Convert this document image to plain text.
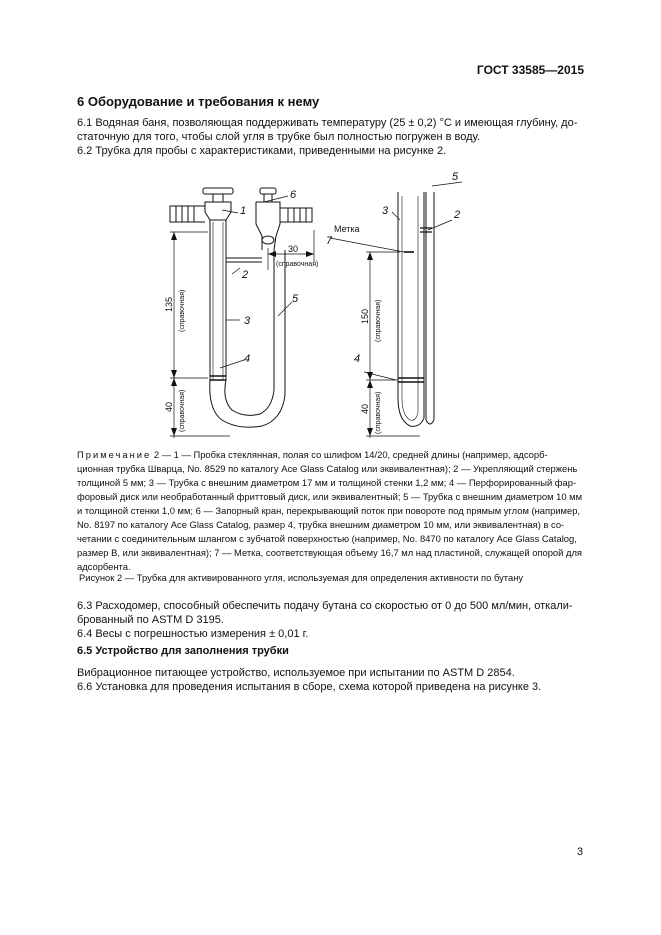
ГОСТ 33585—2015
6 Оборудование и требования к нему
6.1 Водяная баня, позволяющая поддерживать температуру (25 ± 0,2) °С и имеющая глубину, до-
статочную для того, чтобы слой угля в трубке был полностью погружен в воду.
6.2 Трубка для пробы с характеристиками, приведенными на рисунке 2.
1
6
2
3
4
5
7
3
5
2
4
Метка
30
(справочная)
135 (справочная)
40 (справочная)
150 (справочная)
40 (справочная)
Примечание 2 — 1 — Пробка стеклянная, полая со шлифом 14/20, средней длины (например, адсорб-
ционная трубка Шварца, No. 8529 по каталогу Ace Glass Catalog или эквивалентная); 2 — Укрепляющий стержень
толщиной 5 мм; 3 — Трубка с внешним диаметром 17 мм и толщиной стенки 1,2 мм; 4 — Перфорированный фар-
форовый диск или необработанный фриттовый диск, или эквивалентный; 5 — Трубка с внешним диаметром 10 мм
и толщиной стенки 1,0 мм; 6 — Запорный кран, перекрывающий поток при повороте под прямым углом (например,
No. 8197 по каталогу Ace Glass Catalog, размер 4, трубка внешним диаметром 10 мм, или эквивалентная) в со-
четании с соединительным шлангом с зубчатой поверхностью (например, No. 8470 по каталогу Ace Glass Catalog,
размер B, или эквивалентная); 7 — Метка, соответствующая объему 16,7 мл над пластиной, служащей опорой для
адсорбента.
Рисунок 2 — Трубка для активированного угля, используемая для определения активности по бутану
6.3 Расходомер, способный обеспечить подачу бутана со скоростью от 0 до 500 мл/мин, откали-
брованный по ASTM D 3195.
6.4 Весы с погрешностью измерения ± 0,01 г.
6.5 Устройство для заполнения трубки
Вибрационное питающее устройство, используемое при испытании по ASTM D 2854.
6.6 Установка для проведения испытания в сборе, схема которой приведена на рисунке 3.
3
